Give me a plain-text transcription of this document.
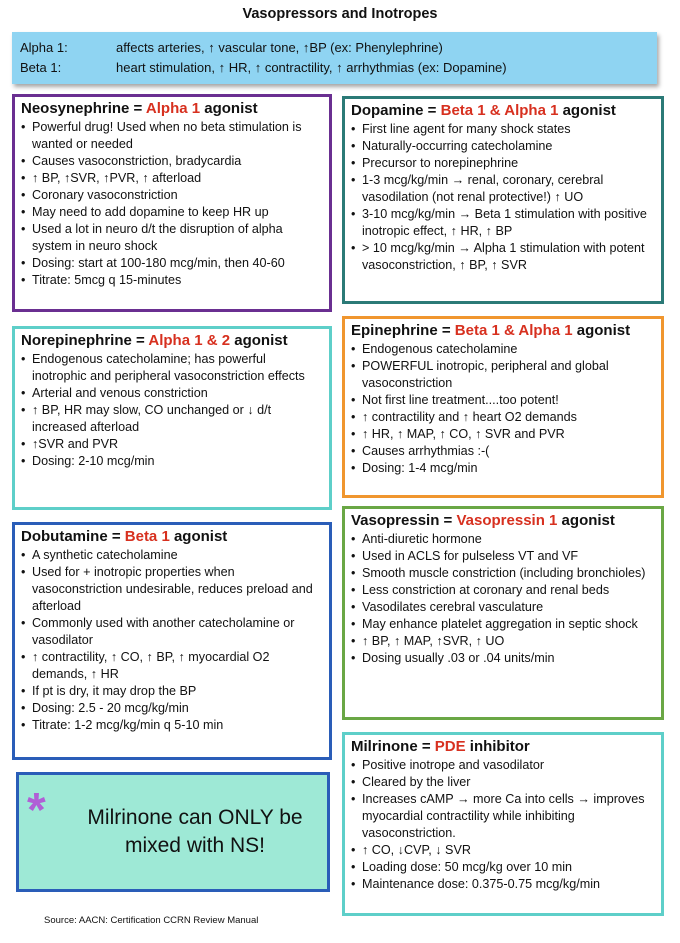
Vasopressors and Inotropes
Alpha 1:	affects arteries, ↑ vascular tone, ↑BP (ex: Phenylephrine)
Beta 1:	heart stimulation, ↑ HR, ↑ contractility, ↑ arrhythmias (ex: Dopamine)
Neosynephrine = Alpha 1 agonist
• Powerful drug! Used when no beta stimulation is wanted or needed
• Causes vasoconstriction, bradycardia
• ↑ BP, ↑SVR, ↑PVR, ↑ afterload
• Coronary vasoconstriction
• May need to add dopamine to keep HR up
• Used a lot in neuro d/t the disruption of alpha system in neuro shock
• Dosing: start at 100-180 mcg/min, then 40-60
• Titrate: 5mcg q 15-minutes
Norepinephrine = Alpha 1 & 2 agonist
• Endogenous catecholamine; has powerful inotrophic and peripheral vasoconstriction effects
• Arterial and venous constriction
• ↑ BP, HR may slow, CO unchanged or ↓ d/t increased afterload
• ↑SVR and PVR
• Dosing: 2-10 mcg/min
Dobutamine = Beta 1 agonist
• A synthetic catecholamine
• Used for + inotropic properties when vasoconstriction undesirable, reduces preload and afterload
• Commonly used with another catecholamine or vasodilator
• ↑ contractility, ↑ CO, ↑ BP, ↑ myocardial O2 demands, ↑ HR
• If pt is dry, it may drop the BP
• Dosing: 2.5 - 20 mcg/kg/min
• Titrate: 1-2 mcg/kg/min q 5-10 min
*	Milrinone can ONLY be mixed with NS!
Dopamine = Beta 1 & Alpha 1 agonist
• First line agent for many shock states
• Naturally-occurring catecholamine
• Precursor to norepinephrine
• 1-3 mcg/kg/min → renal, coronary, cerebral vasodilation (not renal protective!) ↑ UO
• 3-10 mcg/kg/min → Beta 1 stimulation with positive inotropic effect, ↑ HR, ↑ BP
• > 10 mcg/kg/min → Alpha 1 stimulation with potent vasoconstriction, ↑ BP, ↑ SVR
Epinephrine = Beta 1 & Alpha 1 agonist
• Endogenous catecholamine
• POWERFUL inotropic, peripheral and global vasoconstriction
• Not first line treatment....too potent!
• ↑ contractility and ↑ heart O2 demands
• ↑ HR, ↑ MAP, ↑ CO, ↑ SVR and PVR
• Causes arrhythmias :-(
• Dosing: 1-4 mcg/min
Vasopressin = Vasopressin 1 agonist
• Anti-diuretic hormone
• Used in ACLS for pulseless VT and VF
• Smooth muscle constriction (including bronchioles)
• Less constriction at coronary and renal beds
• Vasodilates cerebral vasculature
• May enhance platelet aggregation in septic shock
• ↑ BP, ↑ MAP, ↑SVR, ↑ UO
• Dosing usually .03 or .04 units/min
Milrinone = PDE inhibitor
• Positive inotrope and vasodilator
• Cleared by the liver
• Increases cAMP → more Ca into cells → improves myocardial contractility while inhibiting vasoconstriction.
• ↑ CO, ↓CVP, ↓ SVR
• Loading dose: 50 mcg/kg over 10 min
• Maintenance dose: 0.375-0.75 mcg/kg/min
Source: AACN: Certification CCRN Review Manual
